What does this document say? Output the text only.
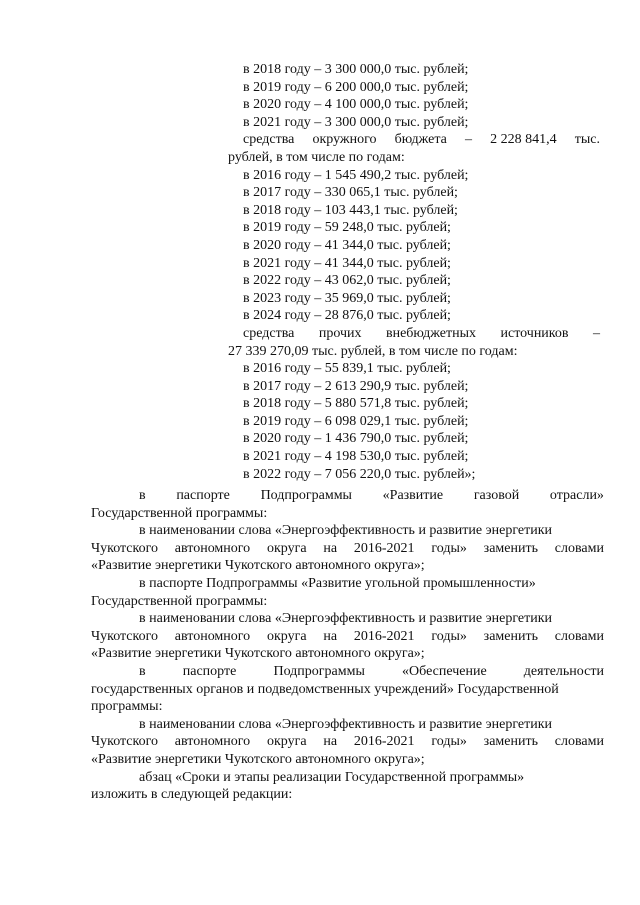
в 2018 году – 3 300 000,0 тыс. рублей;
в 2019 году – 6 200 000,0 тыс. рублей;
в 2020 году – 4 100 000,0 тыс. рублей;
в 2021 году – 3 300 000,0 тыс. рублей;
средства окружного бюджета – 2 228 841,4 тыс.
рублей, в том числе по годам:
в 2016 году – 1 545 490,2 тыс. рублей;
в 2017 году – 330 065,1 тыс. рублей;
в 2018 году – 103 443,1 тыс. рублей;
в 2019 году – 59 248,0 тыс. рублей;
в 2020 году – 41 344,0 тыс. рублей;
в 2021 году – 41 344,0 тыс. рублей;
в 2022 году – 43 062,0 тыс. рублей;
в 2023 году – 35 969,0 тыс. рублей;
в 2024 году – 28 876,0 тыс. рублей;
средства прочих внебюджетных источников –
27 339 270,09 тыс. рублей, в том числе по годам:
в 2016 году – 55 839,1 тыс. рублей;
в 2017 году – 2 613 290,9 тыс. рублей;
в 2018 году – 5 880 571,8 тыс. рублей;
в 2019 году – 6 098 029,1 тыс. рублей;
в 2020 году – 1 436 790,0 тыс. рублей;
в 2021 году – 4 198 530,0 тыс. рублей;
в 2022 году – 7 056 220,0 тыс. рублей»;
в паспорте Подпрограммы «Развитие газовой отрасли»
Государственной программы:
в наименовании слова «Энергоэффективность и развитие энергетики
Чукотского автономного округа на 2016-2021 годы» заменить словами
«Развитие энергетики Чукотского автономного округа»;
в паспорте Подпрограммы «Развитие угольной промышленности»
Государственной программы:
в наименовании слова «Энергоэффективность и развитие энергетики
Чукотского автономного округа на 2016-2021 годы» заменить словами
«Развитие энергетики Чукотского автономного округа»;
в	паспорте	Подпрограммы	«Обеспечение	деятельности
государственных органов и подведомственных учреждений» Государственной
программы:
в наименовании слова «Энергоэффективность и развитие энергетики
Чукотского автономного округа на 2016-2021 годы» заменить словами
«Развитие энергетики Чукотского автономного округа»;
абзац «Сроки и этапы реализации Государственной программы»
изложить в следующей редакции:
